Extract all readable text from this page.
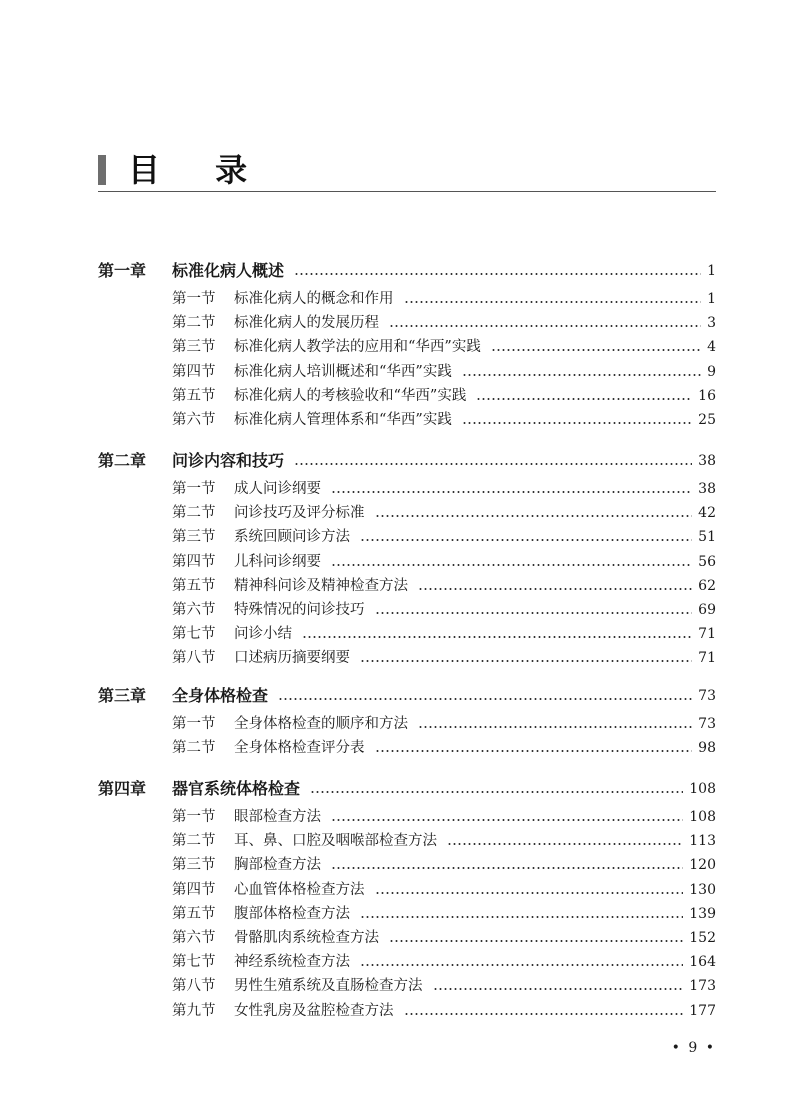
目 录
第一章	标准化病人概述	1
第一节	标准化病人的概念和作用	1
第二节	标准化病人的发展历程	3
第三节	标准化病人教学法的应用和“华西”实践	4
第四节	标准化病人培训概述和“华西”实践	9
第五节	标准化病人的考核验收和“华西”实践	16
第六节	标准化病人管理体系和“华西”实践	25
第二章	问诊内容和技巧	38
第一节	成人问诊纲要	38
第二节	问诊技巧及评分标准	42
第三节	系统回顾问诊方法	51
第四节	儿科问诊纲要	56
第五节	精神科问诊及精神检查方法	62
第六节	特殊情况的问诊技巧	69
第七节	问诊小结	71
第八节	口述病历摘要纲要	71
第三章	全身体格检查	73
第一节	全身体格检查的顺序和方法	73
第二节	全身体格检查评分表	98
第四章	器官系统体格检查	108
第一节	眼部检查方法	108
第二节	耳、鼻、口腔及咽喉部检查方法	113
第三节	胸部检查方法	120
第四节	心血管体格检查方法	130
第五节	腹部体格检查方法	139
第六节	骨骼肌肉系统检查方法	152
第七节	神经系统检查方法	164
第八节	男性生殖系统及直肠检查方法	173
第九节	女性乳房及盆腔检查方法	177
• 9 •
